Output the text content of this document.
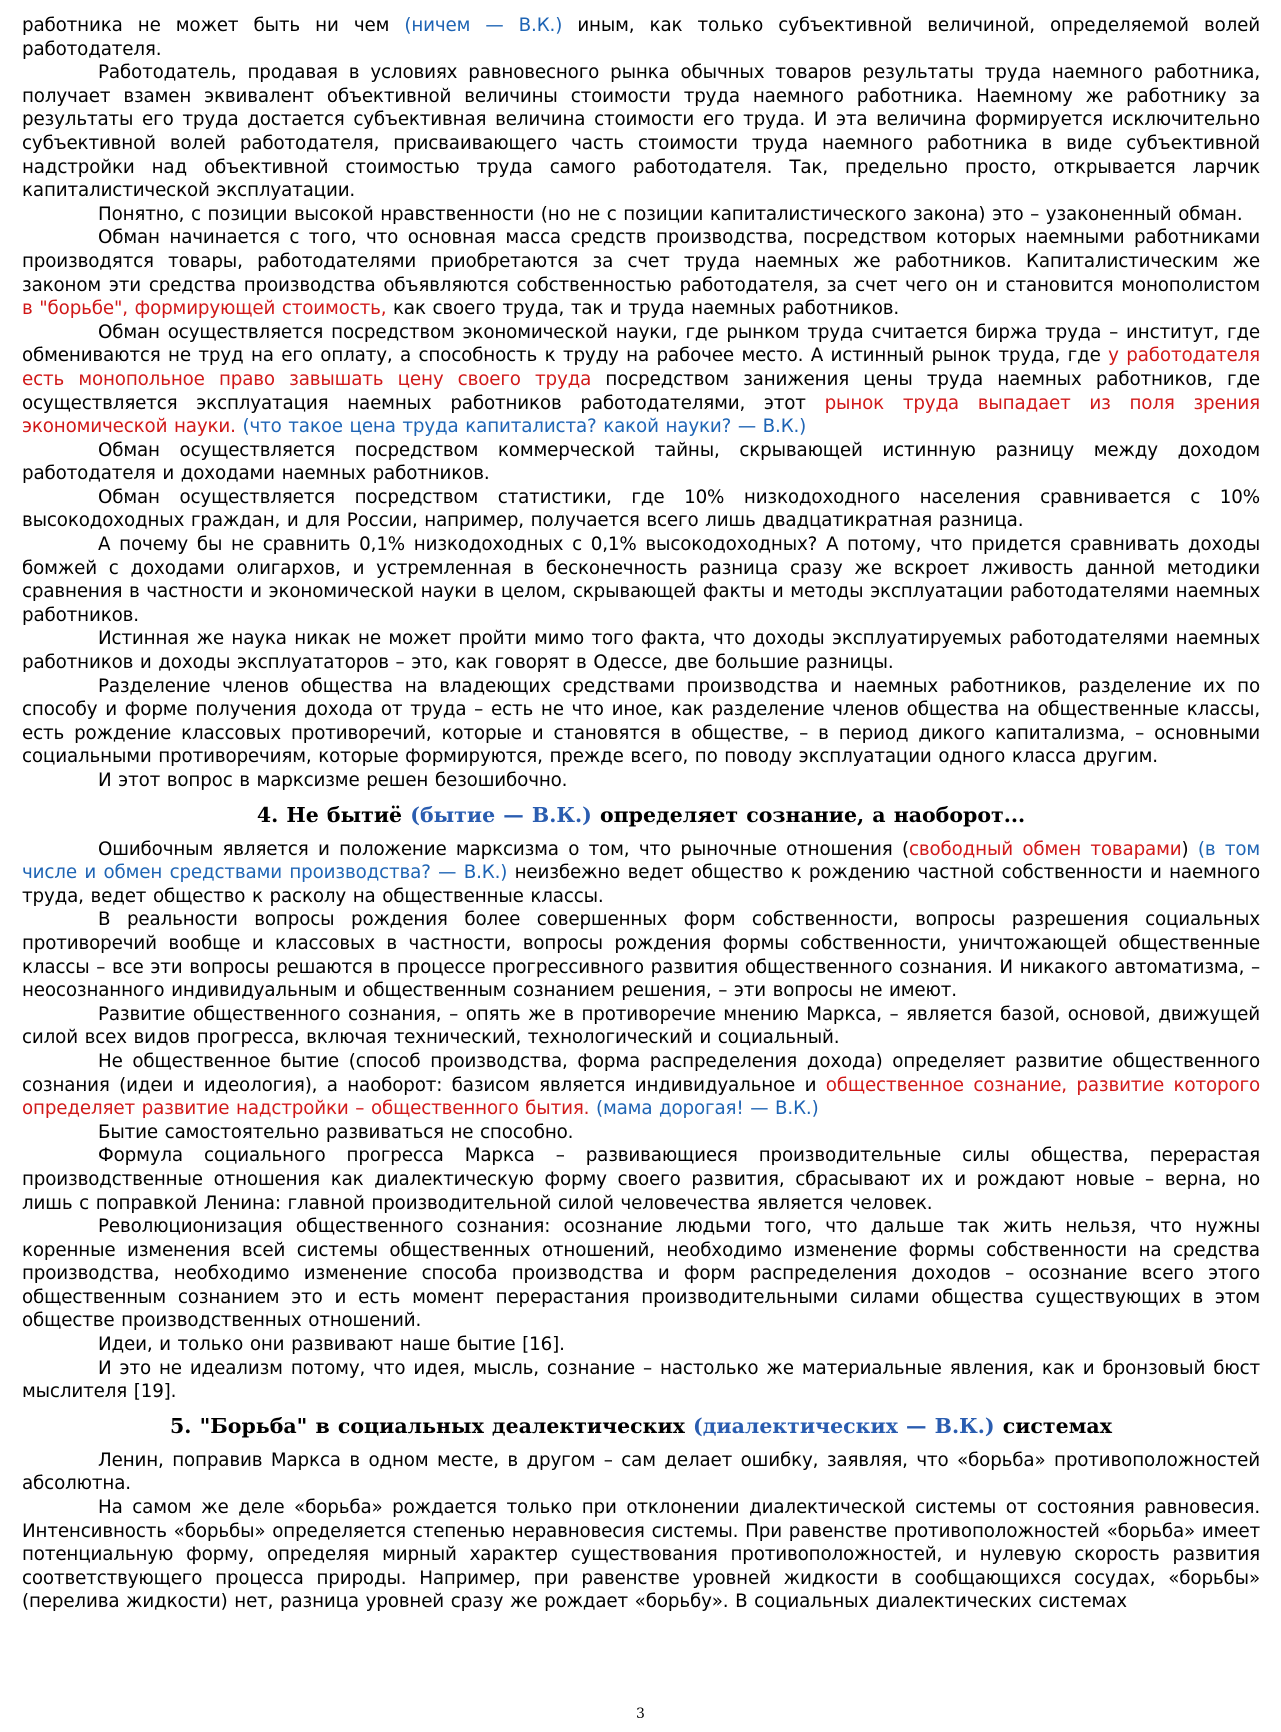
работника не может быть ни чем (ничем — В.К.) иным, как только субъективной величиной, определяемой волей работодателя.

Работодатель, продавая в условиях равновесного рынка обычных товаров результаты труда наемного работника, получает взамен эквивалент объективной величины стоимости труда наемного работника. Наемному же работнику за результаты его труда достается субъективная величина стоимости его труда. И эта величина формируется исключительно субъективной волей работодателя, присваивающего часть стоимости труда наемного работника в виде субъективной надстройки над объективной стоимостью труда самого работодателя. Так, предельно просто, открывается ларчик капиталистической эксплуатации.

Понятно, с позиции высокой нравственности (но не с позиции капиталистического закона) это – узаконенный обман.

Обман начинается с того, что основная масса средств производства, посредством которых наемными работниками производятся товары, работодателями приобретаются за счет труда наемных же работников. Капиталистическим же законом эти средства производства объявляются собственностью работодателя, за счет чего он и становится монополистом в "борьбе", формирующей стоимость, как своего труда, так и труда наемных работников.

Обман осуществляется посредством экономической науки, где рынком труда считается биржа труда – институт, где обмениваются не труд на его оплату, а способность к труду на рабочее место. А истинный рынок труда, где у работодателя есть монопольное право завышать цену своего труда посредством занижения цены труда наемных работников, где осуществляется эксплуатация наемных работников работодателями, этот рынок труда выпадает из поля зрения экономической науки. (что такое цена труда капиталиста? какой науки? — В.К.)

Обман осуществляется посредством коммерческой тайны, скрывающей истинную разницу между доходом работодателя и доходами наемных работников.

Обман осуществляется посредством статистики, где 10% низкодоходного населения сравнивается с 10% высокодоходных граждан, и для России, например, получается всего лишь двадцатикратная разница.

А почему бы не сравнить 0,1% низкодоходных с 0,1% высокодоходных? А потому, что придется сравнивать доходы бомжей с доходами олигархов, и устремленная в бесконечность разница сразу же вскроет лживость данной методики сравнения в частности и экономической науки в целом, скрывающей факты и методы эксплуатации работодателями наемных работников.

Истинная же наука никак не может пройти мимо того факта, что доходы эксплуатируемых работодателями наемных работников и доходы эксплуататоров – это, как говорят в Одессе, две большие разницы.

Разделение членов общества на владеющих средствами производства и наемных работников, разделение их по способу и форме получения дохода от труда – есть не что иное, как разделение членов общества на общественные классы, есть рождение классовых противоречий, которые и становятся в обществе, – в период дикого капитализма, – основными социальными противоречиям, которые формируются, прежде всего, по поводу эксплуатации одного класса другим.

И этот вопрос в марксизме решен безошибочно.

4. Не бытиё (бытие — В.К.) определяет сознание, а наоборот...

Ошибочным является и положение марксизма о том, что рыночные отношения (свободный обмен товарами) (в том числе и обмен средствами производства? — В.К.) неизбежно ведет общество к рождению частной собственности и наемного труда, ведет общество к расколу на общественные классы.

В реальности вопросы рождения более совершенных форм собственности, вопросы разрешения социальных противоречий вообще и классовых в частности, вопросы рождения формы собственности, уничтожающей общественные классы – все эти вопросы решаются в процессе прогрессивного развития общественного сознания. И никакого автоматизма, – неосознанного индивидуальным и общественным сознанием решения, – эти вопросы не имеют.

Развитие общественного сознания, – опять же в противоречие мнению Маркса, – является базой, основой, движущей силой всех видов прогресса, включая технический, технологический и социальный.

Не общественное бытие (способ производства, форма распределения дохода) определяет развитие общественного сознания (идеи и идеология), а наоборот: базисом является индивидуальное и общественное сознание, развитие которого определяет развитие надстройки – общественного бытия. (мама дорогая! — В.К.)

Бытие самостоятельно развиваться не способно.

Формула социального прогресса Маркса – развивающиеся производительные силы общества, перерастая производственные отношения как диалектическую форму своего развития, сбрасывают их и рождают новые – верна, но лишь с поправкой Ленина: главной производительной силой человечества является человек.

Революционизация общественного сознания: осознание людьми того, что дальше так жить нельзя, что нужны коренные изменения всей системы общественных отношений, необходимо изменение формы собственности на средства производства, необходимо изменение способа производства и форм распределения доходов – осознание всего этого общественным сознанием это и есть момент перерастания производительными силами общества существующих в этом обществе производственных отношений.

Идеи, и только они развивают наше бытие [16].

И это не идеализм потому, что идея, мысль, сознание – настолько же материальные явления, как и бронзовый бюст мыслителя [19].

5. "Борьба" в социальных деалектических (диалектических — В.К.) системах

Ленин, поправив Маркса в одном месте, в другом – сам делает ошибку, заявляя, что «борьба» противоположностей абсолютна.

На самом же деле «борьба» рождается только при отклонении диалектической системы от состояния равновесия. Интенсивность «борьбы» определяется степенью неравновесия системы. При равенстве противоположностей «борьба» имеет потенциальную форму, определяя мирный характер существования противоположностей, и нулевую скорость развития соответствующего процесса природы. Например, при равенстве уровней жидкости в сообщающихся сосудах, «борьбы» (перелива жидкости) нет, разница уровней сразу же рождает «борьбу». В социальных диалектических системах

3
